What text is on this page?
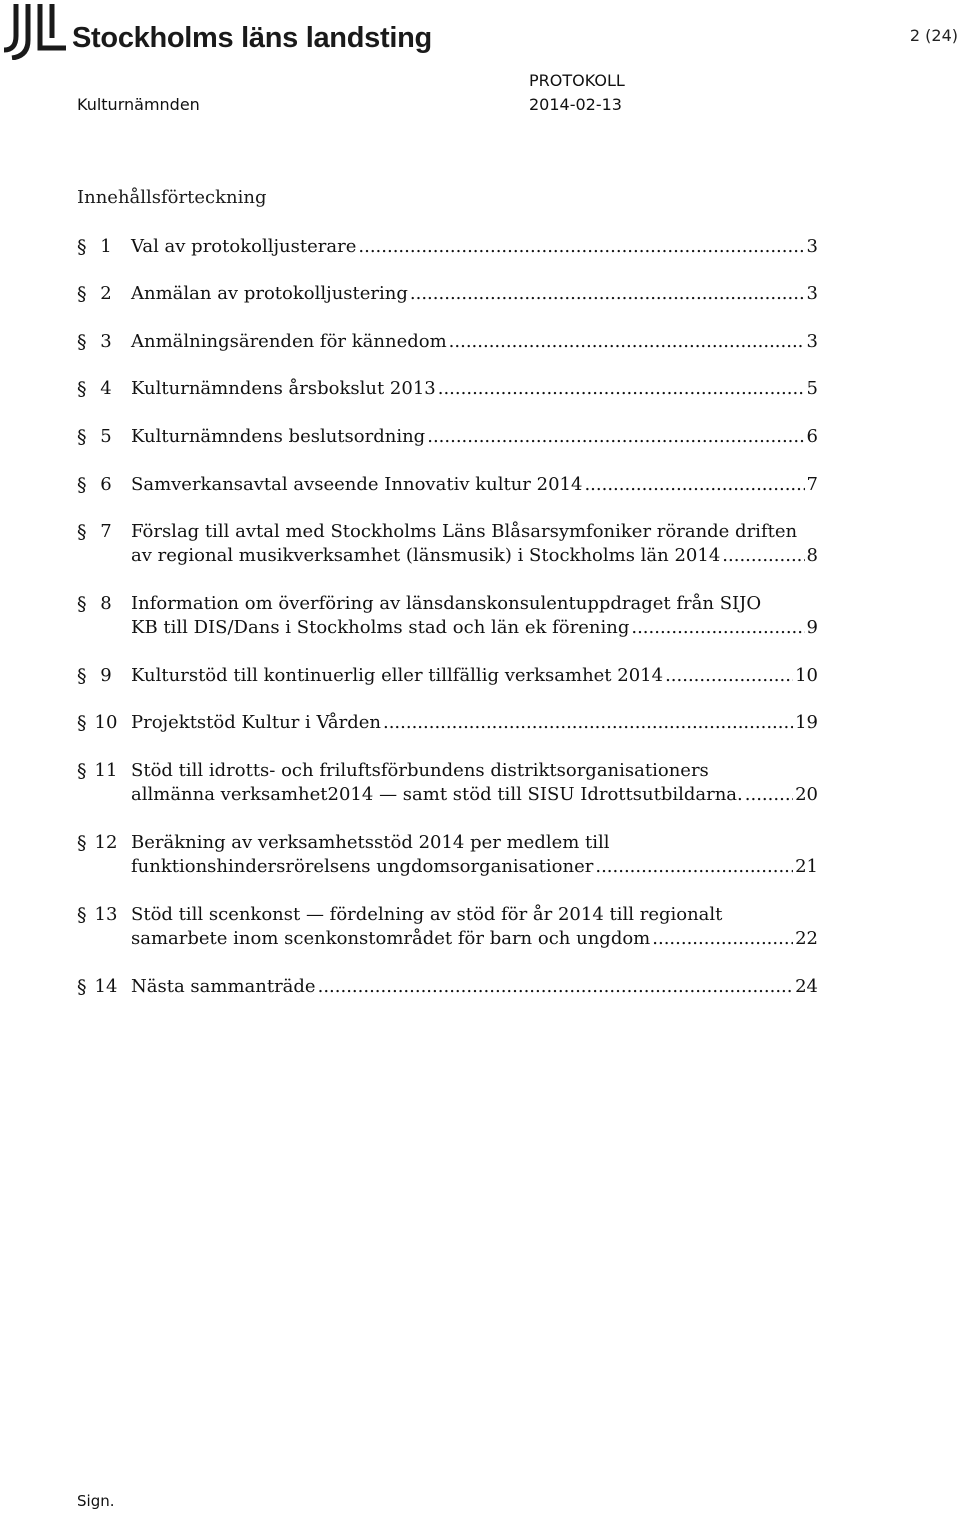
Stockholms läns landsting	2 (24)
Kulturnämnden
PROTOKOLL
2014-02-13
Innehållsförteckning
§ 1	Val av protokolljusterare .....	3
§ 2	Anmälan av protokolljustering .....	3
§ 3	Anmälningsärenden för kännedom .....	3
§ 4	Kulturnämndens årsbokslut 2013 .....	5
§ 5	Kulturnämndens beslutsordning .....	6
§ 6	Samverkansavtal avseende Innovativ kultur 2014 .....	7
§ 7	Förslag till avtal med Stockholms Läns Blåsarsymfoniker rörande driften
av regional musikverksamhet (länsmusik) i Stockholms län 2014 .....	8
§ 8	Information om överföring av länsdanskonsulentuppdraget från SIJO
KB till DIS/Dans i Stockholms stad och län ek förening .....	9
§ 9	Kulturstöd till kontinuerlig eller tillfällig verksamhet 2014 .....	10
§ 10 Projektstöd Kultur i Vården .....	19
§ 11 Stöd till idrotts- och friluftsförbundens distriktsorganisationers
allmänna verksamhet2014 — samt stöd till SISU Idrottsutbildarna. .....	20
§ 12 Beräkning av verksamhetsstöd 2014 per medlem till
funktionshindersrörelsens ungdomsorganisationer .....	21
§ 13 Stöd till scenkonst — fördelning av stöd för år 2014 till regionalt
samarbete inom scenkonstområdet för barn och ungdom .....	22
§ 14 Nästa sammanträde .....	24
Sign.
